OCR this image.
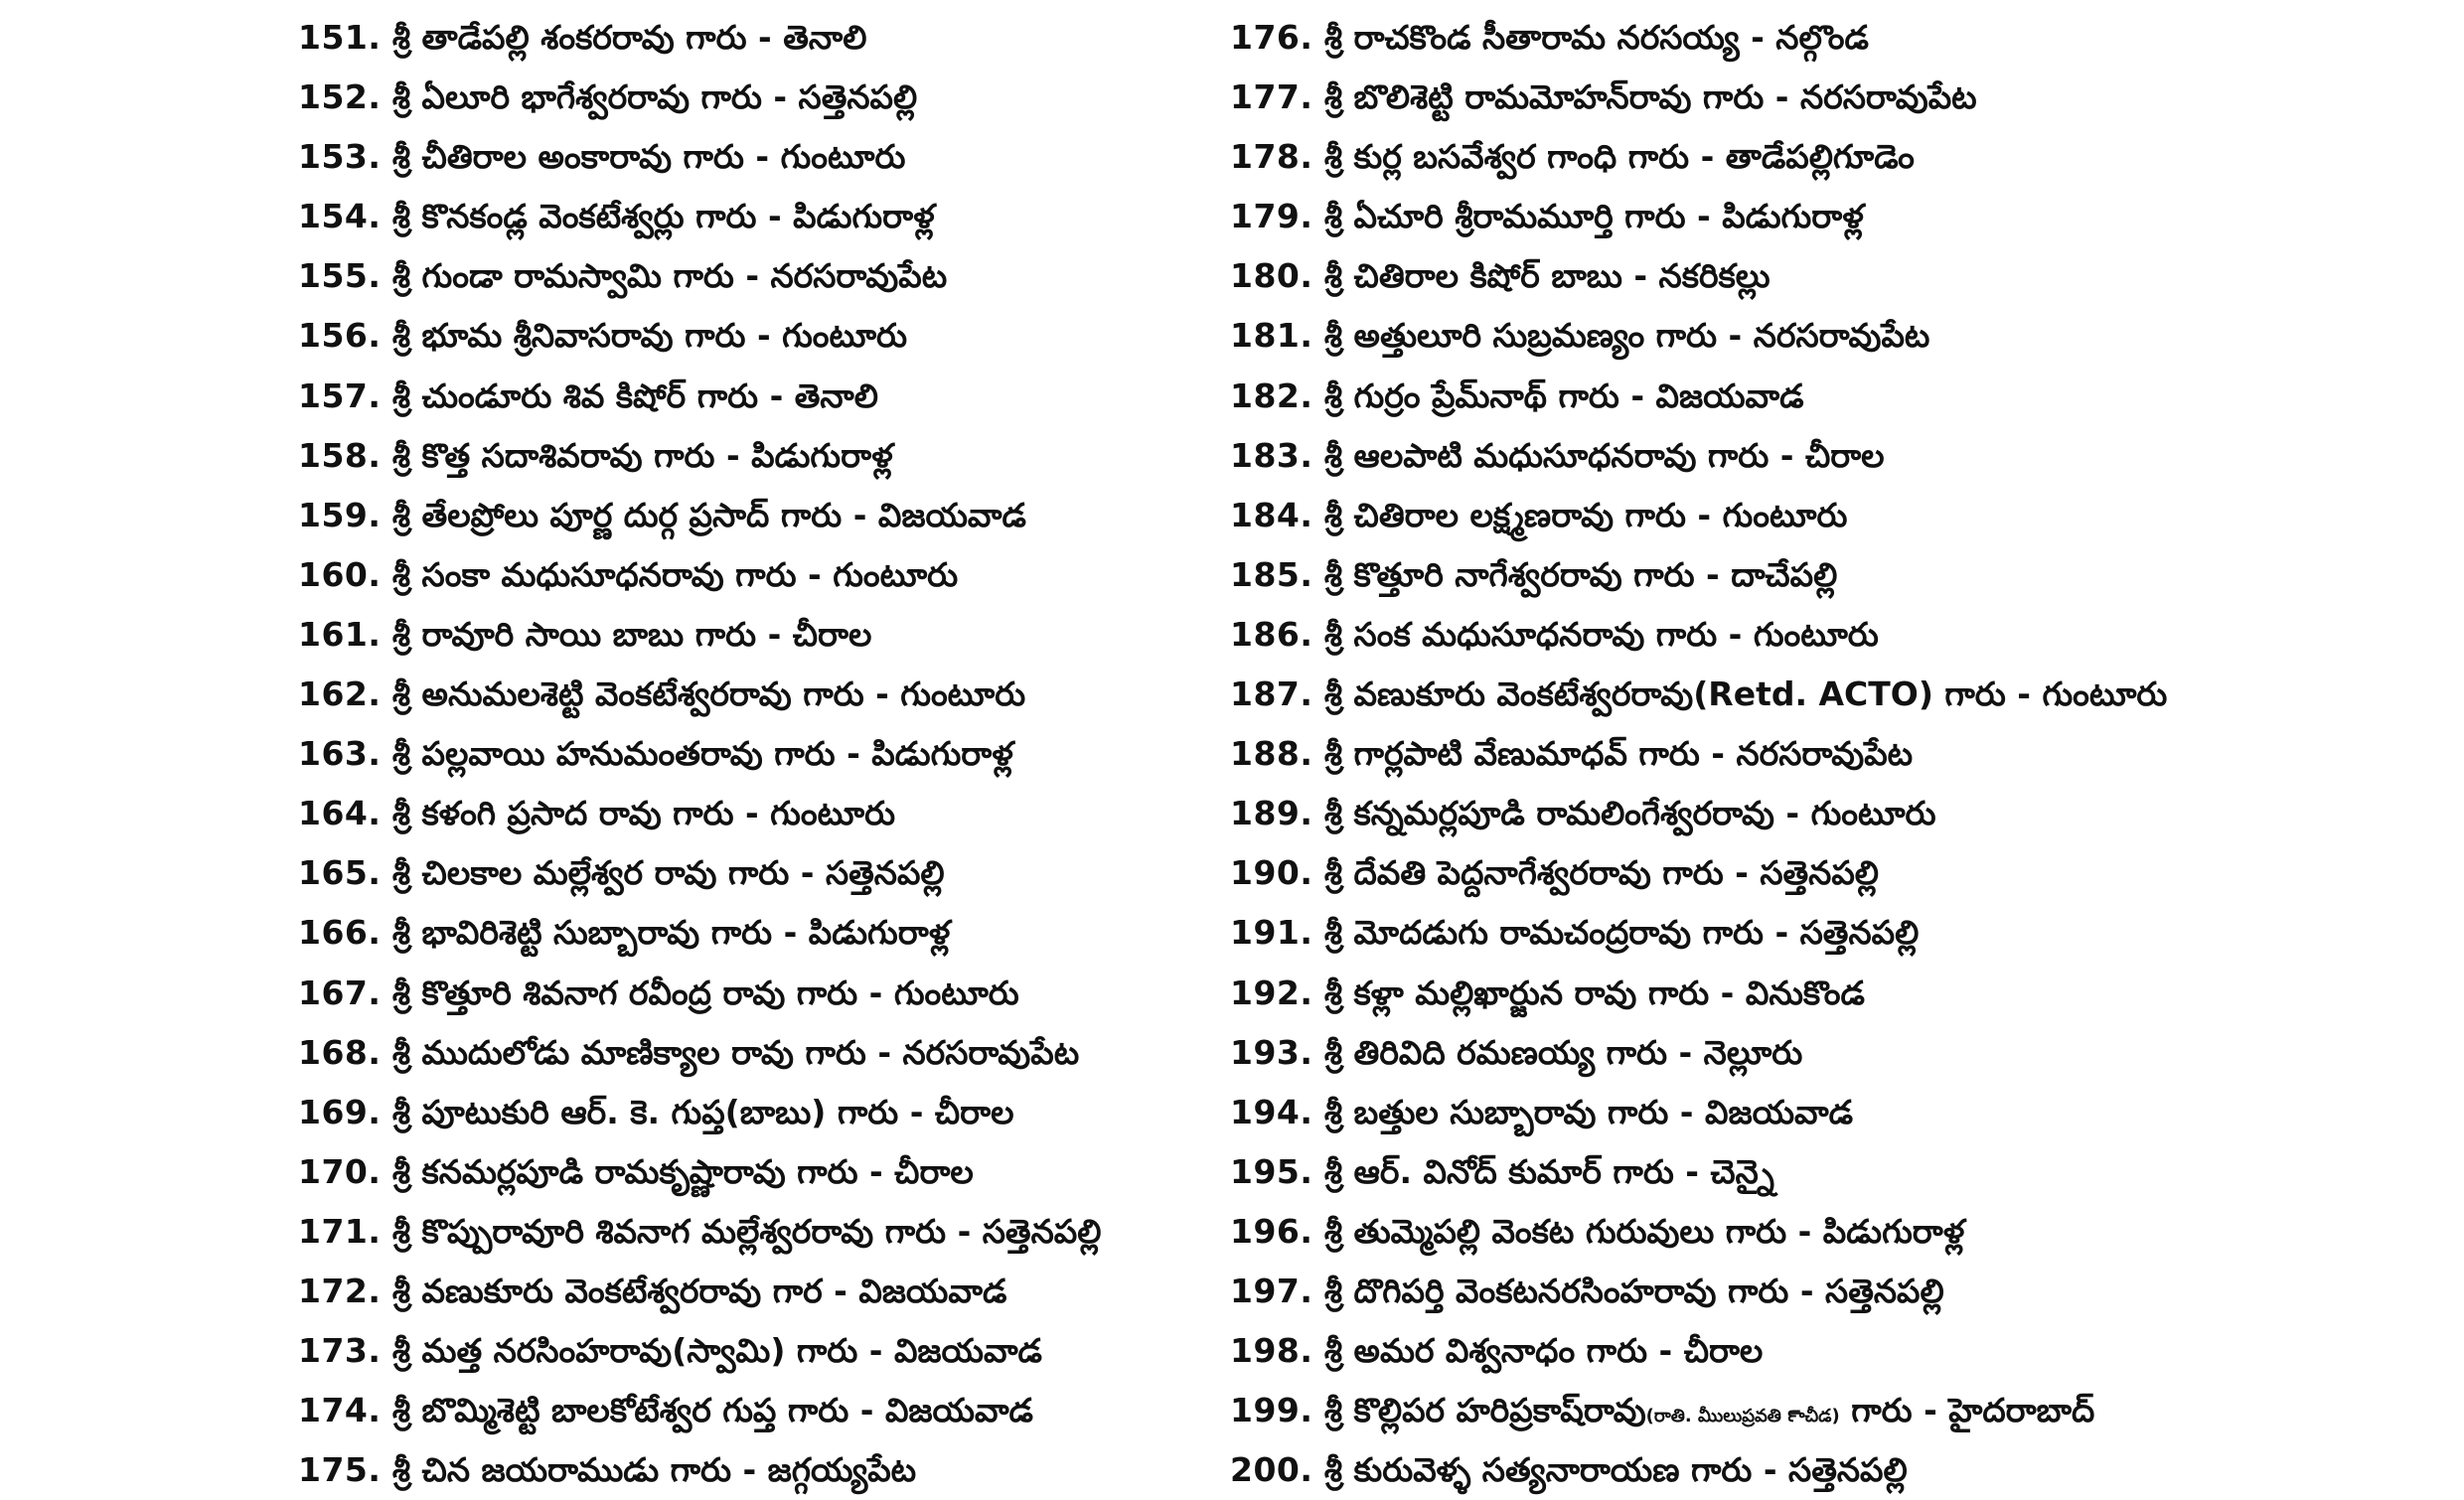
151. శ్రీ తాడేపల్లి శంకరరావు గారు - తెనాలి
152. శ్రీ ఏలూరి భాగేశ్వరరావు గారు - సత్తెనపల్లి
153. శ్రీ చీతిరాల అంకారావు గారు - గుంటూరు
154. శ్రీ కొనకండ్ల వెంకటేశ్వర్లు గారు - పిడుగురాళ్ల
155. శ్రీ గుండా రామస్వామి గారు - నరసరావుపేట
156. శ్రీ భూమ శ్రీనివాసరావు గారు - గుంటూరు
157. శ్రీ చుండూరు శివ కిషోర్ గారు - తెనాలి
158. శ్రీ కొత్త సదాశివరావు గారు - పిడుగురాళ్ల
159. శ్రీ తేలప్రోలు పూర్ణ దుర్గ ప్రసాద్ గారు - విజయవాడ
160. శ్రీ సంకా మధుసూధనరావు గారు - గుంటూరు
161. శ్రీ రావూరి సాయి బాబు గారు - చీరాల
162. శ్రీ అనుమలశెట్టి వెంకటేశ్వరరావు గారు - గుంటూరు
163. శ్రీ పల్లవాయి హనుమంతరావు గారు - పిడుగురాళ్ల
164. శ్రీ కళంగి ప్రసాద రావు గారు - గుంటూరు
165. శ్రీ చిలకాల మల్లేశ్వర రావు గారు - సత్తెనపల్లి
166. శ్రీ భావిరిశెట్టి సుబ్బారావు గారు - పిడుగురాళ్ల
167. శ్రీ కొత్తూరి శివనాగ రవీంద్ర రావు గారు - గుంటూరు
168. శ్రీ ముదులోడు మాణిక్యాల రావు గారు - నరసరావుపేట
169. శ్రీ పూటుకురి ఆర్. కె. గుప్త(బాబు) గారు - చీరాల
170. శ్రీ కనమర్లపూడి రామకృష్ణారావు గారు - చీరాల
171. శ్రీ కొప్పురావూరి శివనాగ మల్లేశ్వరరావు గారు - సత్తెనపల్లి
172. శ్రీ వణుకూరు వెంకటేశ్వరరావు గార - విజయవాడ
173. శ్రీ మత్త నరసింహరావు(స్వామి) గారు - విజయవాడ
174. శ్రీ బొమ్మిశెట్టి బాలకోటేశ్వర గుప్త గారు - విజయవాడ
175. శ్రీ చిన జయరాముడు గారు - జగ్గయ్యపేట
176. శ్రీ రాచకొండ సీతారామ నరసయ్య - నల్గొండ
177. శ్రీ బొలిశెట్టి రామమోహన్‌రావు గారు - నరసరావుపేట
178. శ్రీ కుర్ల బసవేశ్వర గాంధి గారు - తాడేపల్లిగూడెం
179. శ్రీ ఏచూరి శ్రీరామమూర్తి గారు - పిడుగురాళ్ల
180. శ్రీ చితిరాల కిషోర్ బాబు - నకరికల్లు
181. శ్రీ అత్తులూరి సుబ్రమణ్యం గారు - నరసరావుపేట
182. శ్రీ గుర్రం ప్రేమ్‌నాథ్ గారు - విజయవాడ
183. శ్రీ ఆలపాటి మధుసూధనరావు గారు - చీరాల
184. శ్రీ చితిరాల లక్ష్మణరావు గారు - గుంటూరు
185. శ్రీ కొత్తూరి నాగేశ్వరరావు గారు - దాచేపల్లి
186. శ్రీ సంక మధుసూధనరావు గారు - గుంటూరు
187. శ్రీ వణుకూరు వెంకటేశ్వరరావు(Retd. ACTO) గారు - గుంటూరు
188. శ్రీ గార్లపాటి వేణుమాధవ్ గారు - నరసరావుపేట
189. శ్రీ కన్నమర్లపూడి రామలింగేశ్వరరావు - గుంటూరు
190. శ్రీ దేవతి పెద్దనాగేశ్వరరావు గారు - సత్తెనపల్లి
191. శ్రీ మోదడుగు రామచంద్రరావు గారు - సత్తెనపల్లి
192. శ్రీ కళ్లా మల్లిఖార్జున రావు గారు - వినుకొండ
193. శ్రీ తిరివిది రమణయ్య గారు - నెల్లూరు
194. శ్రీ బత్తుల సుబ్బారావు గారు - విజయవాడ
195. శ్రీ ఆర్. వినోద్ కుమార్ గారు - చెన్నై
196. శ్రీ తుమ్మెపల్లి వెంకట గురువులు గారు - పిడుగురాళ్ల
197. శ్రీ దొగిపర్తి వెంకటనరసింహరావు గారు - సత్తెనపల్లి
198. శ్రీ అమర విశ్వనాధం గారు - చీరాల
199. శ్రీ కొల్లిపర హరిప్రకాష్‌రావు(రాతి. మీులుప్రవతి ౯ాచీడ) గారు - హైదరాబాద్
200. శ్రీ కురువెళ్ళ సత్యనారాయణ గారు - సత్తెనపల్లి
